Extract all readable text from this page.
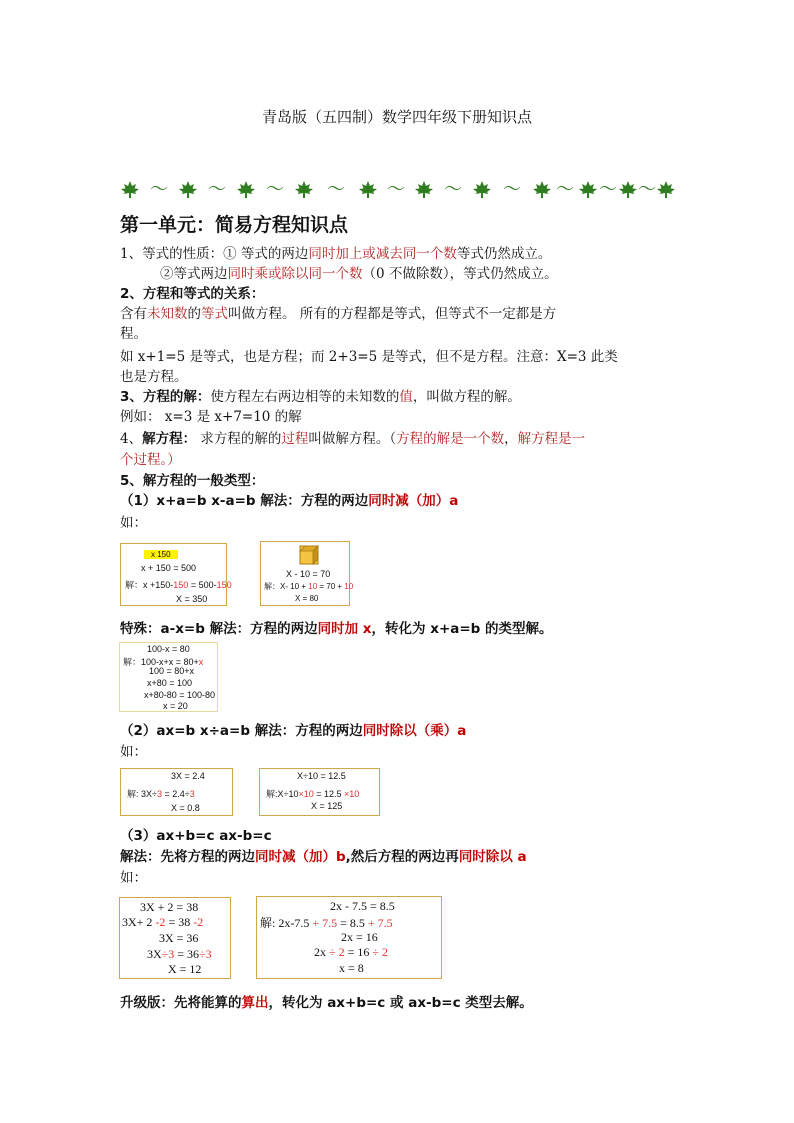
青岛版（五四制）数学四年级下册知识点
～ ～ ～ ～ ～ ～ ～ ～ ～ ～
第一单元：简易方程知识点
1、等式的性质：① 等式的两边同时加上或减去同一个数等式仍然成立。
②等式两边同时乘或除以同一个数（0 不做除数），等式仍然成立。
2、方程和等式的关系：
含有未知数的等式叫做方程。 所有的方程都是等式，但等式不一定都是方
程。
如 x+1=5 是等式，也是方程；而 2+3=5 是等式，但不是方程。注意：X=3 此类
也是方程。
3、方程的解：使方程左右两边相等的未知数的值，叫做方程的解。
例如： x=3 是 x+7=10 的解
4、解方程： 求方程的解的过程叫做解方程。（方程的解是一个数，解方程是一
个过程。）
5、解方程的一般类型：
（1）x+a=b x-a=b 解法：方程的两边同时减（加）a
如：
x 150
x + 150 = 500
解：x +150-150 = 500-150
X = 350
X - 10 = 70
解：X- 10 + 10 = 70 + 10
X = 80
特殊：a-x=b 解法：方程的两边同时加 x，转化为 x+a=b 的类型解。
100-x = 80
解：100-x+x = 80+x
100 = 80+x
x+80 = 100
x+80-80 = 100-80
x = 20
（2）ax=b x÷a=b 解法：方程的两边同时除以（乘）a
如：
3X = 2.4
解: 3X÷3 = 2.4÷3
X = 0.8
X÷10 = 12.5
解:X÷10×10 = 12.5 ×10
X = 125
（3）ax+b=c ax-b=c
解法：先将方程的两边同时减（加）b,然后方程的两边再同时除以 a
如：
3X + 2 = 38
3X+ 2 -2 = 38 -2
3X = 36
3X÷3 = 36÷3
X = 12
2x - 7.5 = 8.5
解: 2x-7.5 + 7.5 = 8.5 + 7.5
2x = 16
2x ÷ 2 = 16 ÷ 2
x = 8
升级版：先将能算的算出，转化为 ax+b=c 或 ax-b=c 类型去解。
